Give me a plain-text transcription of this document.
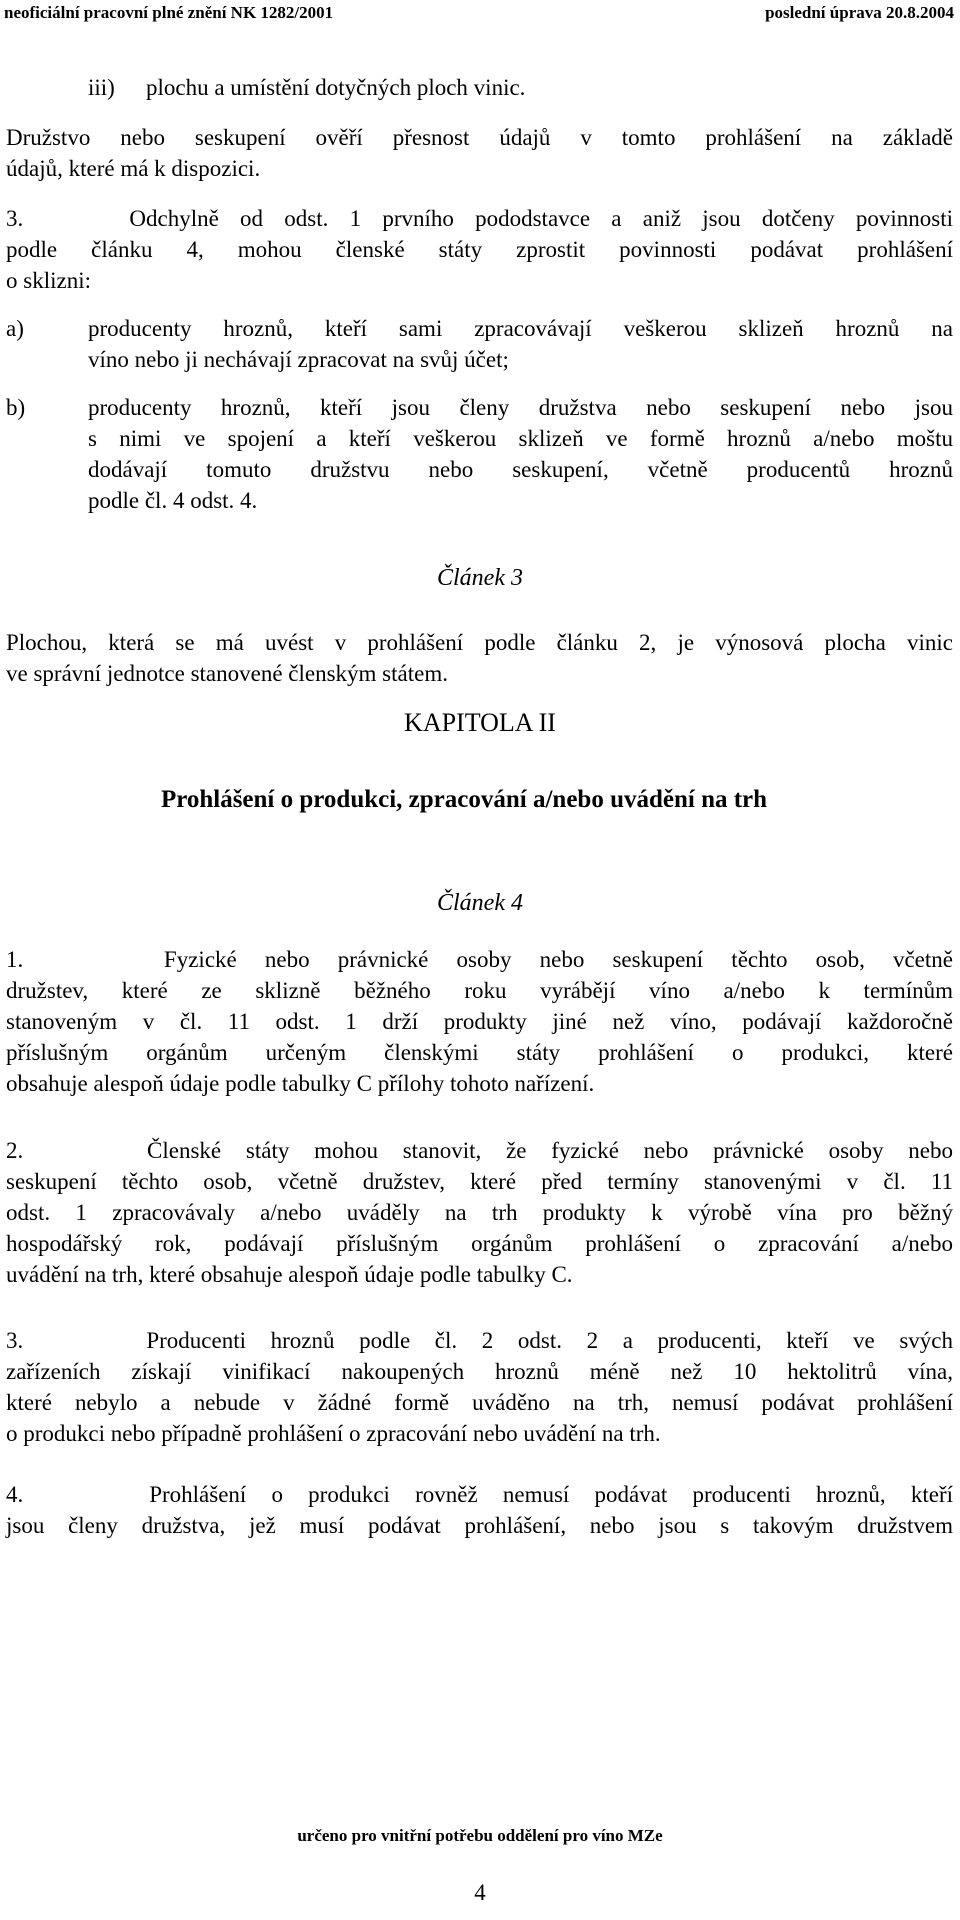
neoficiální pracovní plné znění NK 1282/2001	poslední úprava 20.8.2004
iii) plochu a umístění dotyčných ploch vinic.
Družstvo nebo seskupení ověří přesnost údajů v tomto prohlášení na základě
údajů, které má k dispozici.
3.     Odchylně od odst. 1 prvního pododstavce a aniž jsou dotčeny povinnosti
podle článku 4, mohou členské státy zprostit povinnosti podávat prohlášení
o sklizni:
a)	producenty hroznů, kteří sami zpracovávají veškerou sklizeň hroznů na
víno nebo ji nechávají zpracovat na svůj účet;
b)	producenty hroznů, kteří jsou členy družstva nebo seskupení nebo jsou
s nimi ve spojení a kteří veškerou sklizeň ve formě hroznů a/nebo moštu
dodávají tomuto družstvu nebo seskupení, včetně producentů hroznů
podle čl. 4 odst. 4.
Článek 3
Plochou, která se má uvést v prohlášení podle článku 2, je výnosová plocha vinic
ve správní jednotce stanovené členským státem.
KAPITOLA II
Prohlášení o produkci, zpracování a/nebo uvádění na trh
Článek 4
1.     Fyzické nebo právnické osoby nebo seskupení těchto osob, včetně
družstev, které ze sklizně běžného roku vyrábějí víno a/nebo k termínům
stanoveným v čl. 11 odst. 1 drží produkty jiné než víno, podávají každoročně
příslušným orgánům určeným členskými státy prohlášení o produkci, které
obsahuje alespoň údaje podle tabulky C přílohy tohoto nařízení.
2.     Členské státy mohou stanovit, že fyzické nebo právnické osoby nebo
seskupení těchto osob, včetně družstev, které před termíny stanovenými v čl. 11
odst. 1 zpracovávaly a/nebo uváděly na trh produkty k výrobě vína pro běžný
hospodářský rok, podávají příslušným orgánům prohlášení o zpracování a/nebo
uvádění na trh, které obsahuje alespoň údaje podle tabulky C.
3.     Producenti hroznů podle čl. 2 odst. 2 a producenti, kteří ve svých
zařízeních získají vinifikací nakoupených hroznů méně než 10 hektolitrů vína,
které nebylo a nebude v žádné formě uváděno na trh, nemusí podávat prohlášení
o produkci nebo případně prohlášení o zpracování nebo uvádění na trh.
4.     Prohlášení o produkci rovněž nemusí podávat producenti hroznů, kteří
jsou členy družstva, jež musí podávat prohlášení, nebo jsou s takovým družstvem
určeno pro vnitřní potřebu oddělení pro víno MZe
4
